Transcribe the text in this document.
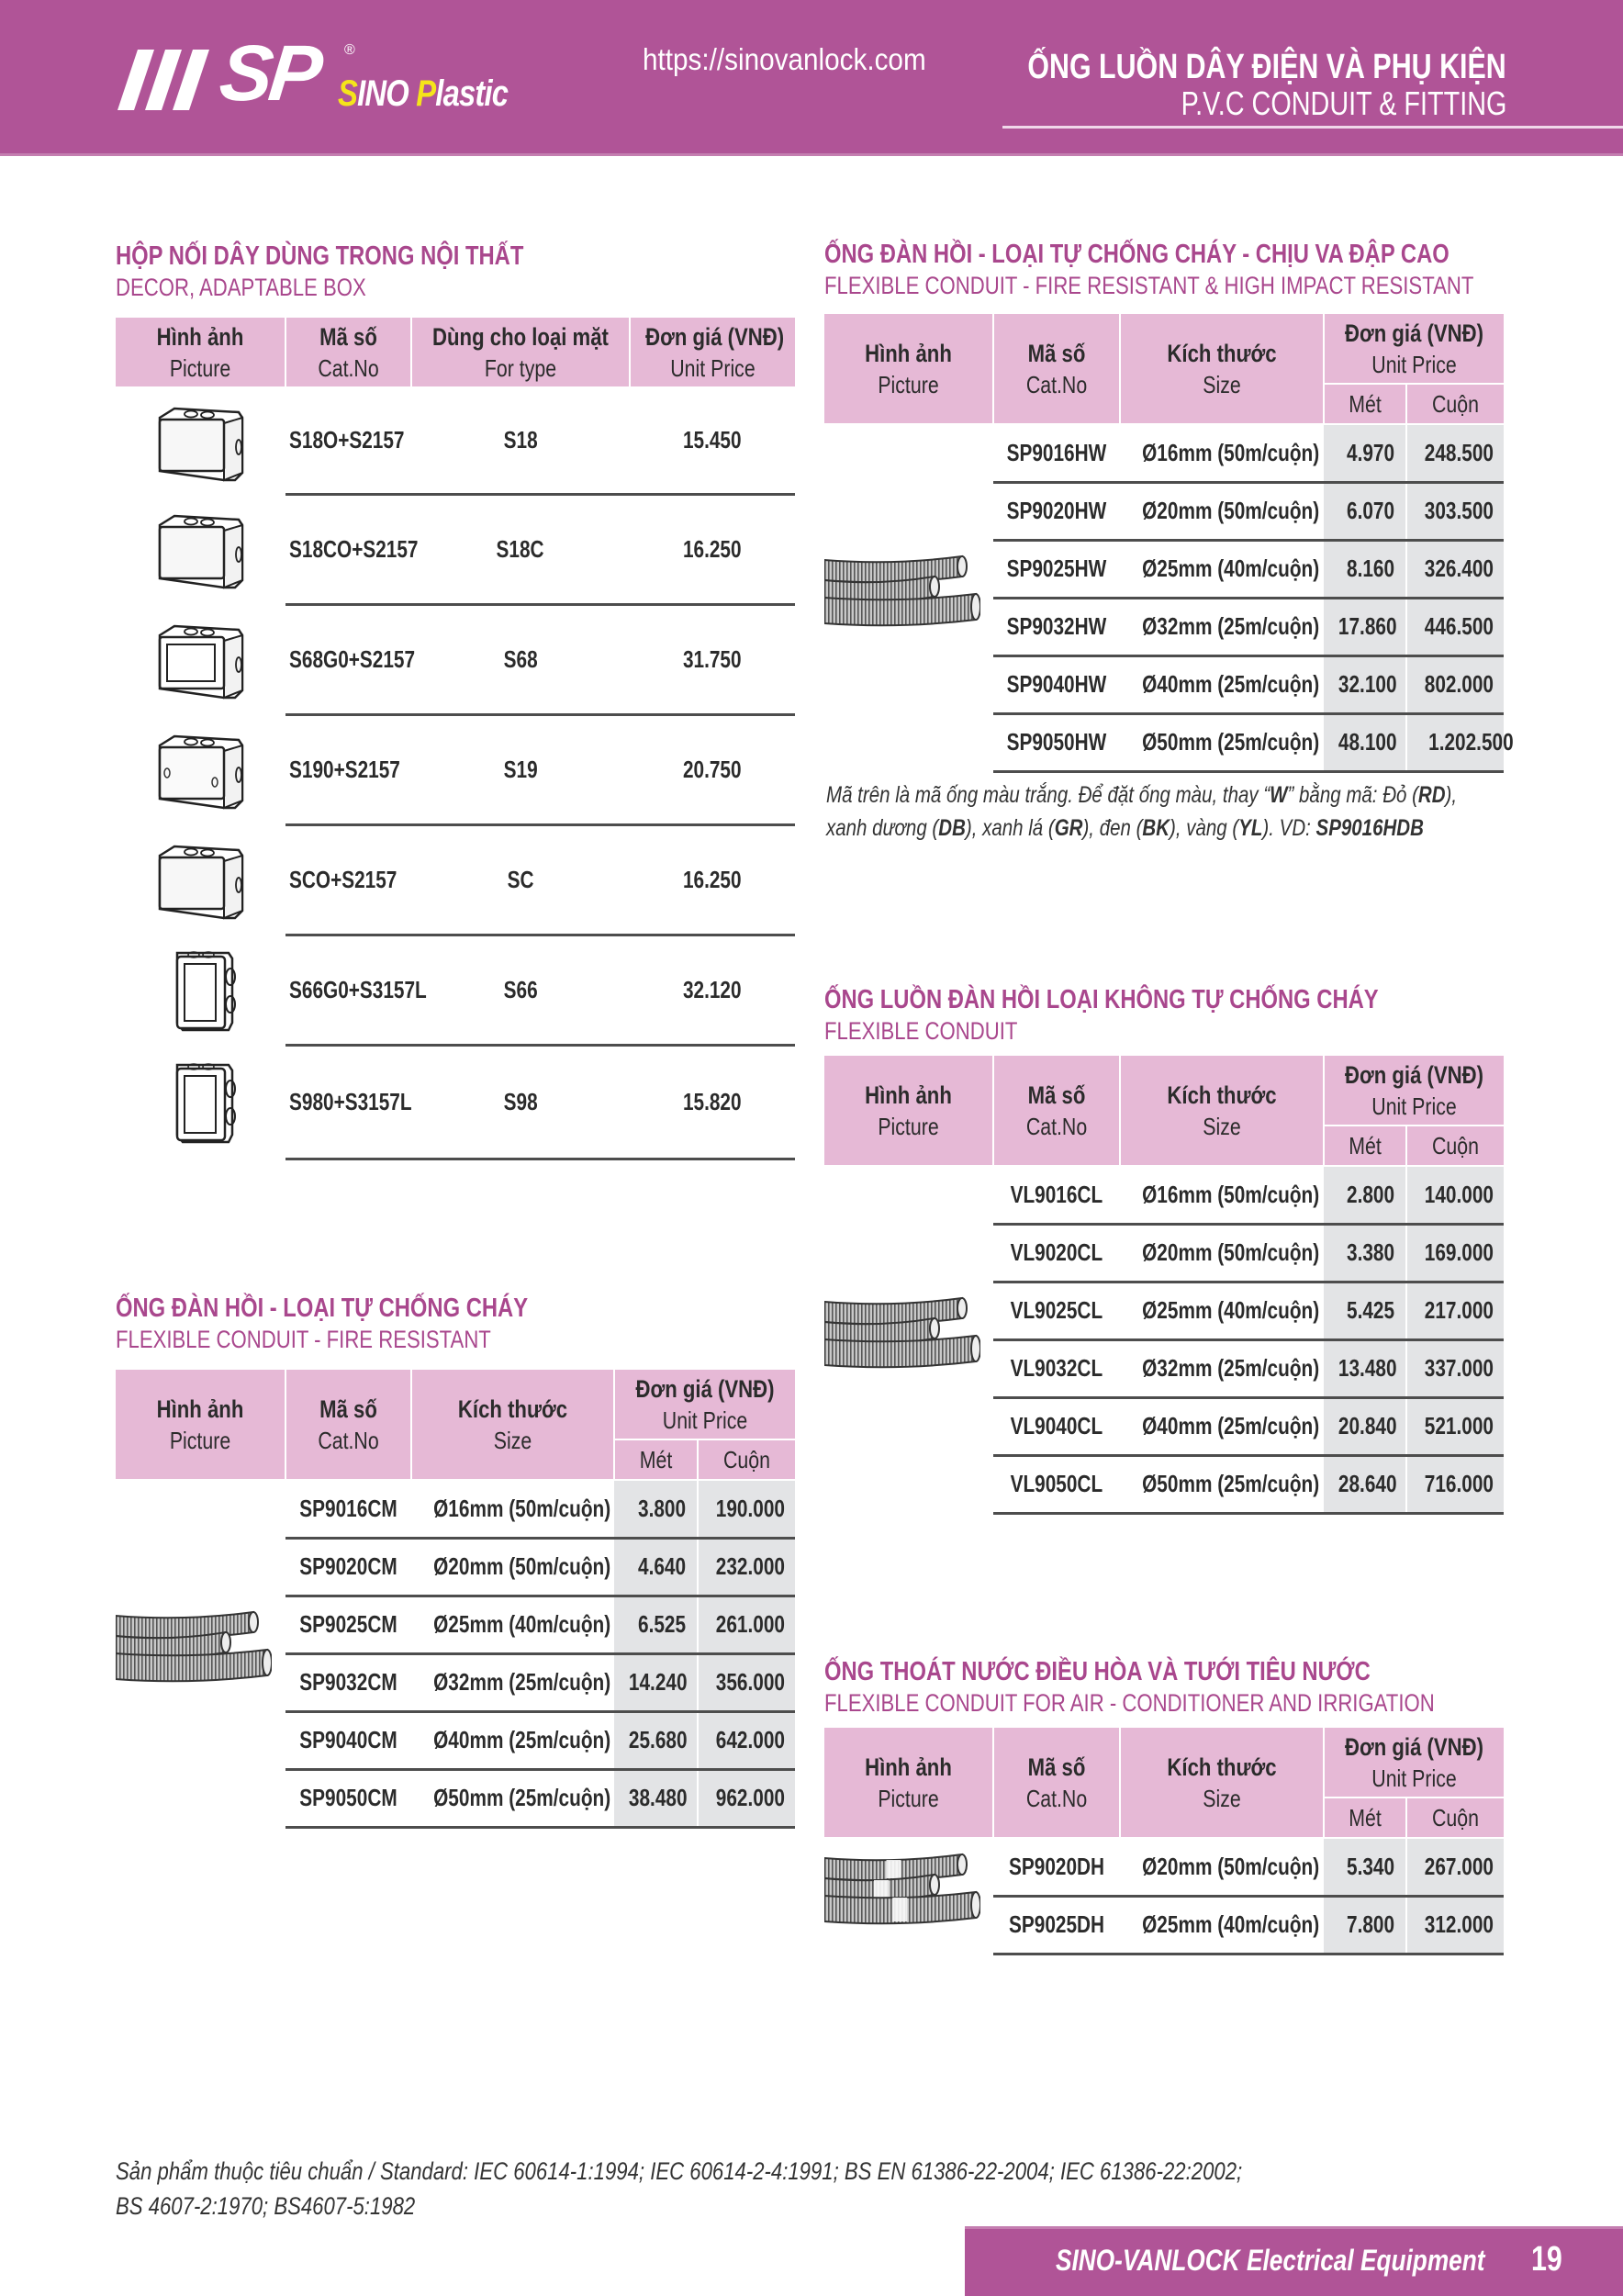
SP ®
SINO Plastic
https://sinovanlock.com	ỐNG LUỒN DÂY ĐIỆN VÀ PHỤ KIỆN
P.V.C CONDUIT & FITTING
HỘP NỐI DÂY DÙNG TRONG NỘI THẤT
DECOR, ADAPTABLE BOX
Hình ảnh
Picture	Mã số
Cat.No	Dùng cho loại mặt
For type	Đơn giá (VNĐ)
Unit Price

	S18O+S2157	S18	15.450

	S18CO+S2157	S18C	16.250

	S68G0+S2157	S68	31.750

	S190+S2157	S19	20.750

	SCO+S2157	SC	16.250

	S66G0+S3157L	S66	32.120

	S980+S3157L	S98	15.820
ỐNG ĐÀN HỒI - LOẠI TỰ CHỐNG CHÁY
FLEXIBLE CONDUIT - FIRE RESISTANT
Hình ảnh
Picture	Mã số
Cat.No	Kích thước
Size	Đơn giá (VNĐ)
Unit Price	

			Mét	Cuộn

	SP9016CM	Ø16mm (50m/cuộn)	3.800	190.000
	SP9020CM	Ø20mm (50m/cuộn)	4.640	232.000
	SP9025CM	Ø25mm (40m/cuộn)	6.525	261.000
	SP9032CM	Ø32mm (25m/cuộn)	14.240	356.000
	SP9040CM	Ø40mm (25m/cuộn)	25.680	642.000
	SP9050CM	Ø50mm (25m/cuộn)	38.480	962.000
ỐNG ĐÀN HỒI - LOẠI TỰ CHỐNG CHÁY - CHỊU VA ĐẬP CAO
FLEXIBLE CONDUIT - FIRE RESISTANT & HIGH IMPACT RESISTANT
Hình ảnh
Picture	Mã số
Cat.No	Kích thước
Size	Đơn giá (VNĐ)
Unit Price	

			Mét	Cuộn

	SP9016HW	Ø16mm (50m/cuộn)	4.970	248.500
	SP9020HW	Ø20mm (50m/cuộn)	6.070	303.500
	SP9025HW	Ø25mm (40m/cuộn)	8.160	326.400
	SP9032HW	Ø32mm (25m/cuộn)	17.860	446.500
	SP9040HW	Ø40mm (25m/cuộn)	32.100	802.000
	SP9050HW	Ø50mm (25m/cuộn)	48.100	1.202.500
Mã trên là mã ống màu trắng. Để đặt ống màu, thay “W” bằng mã: Đỏ (RD),
xanh dương (DB), xanh lá (GR), đen (BK), vàng (YL). VD: SP9016HDB
ỐNG LUỒN ĐÀN HỒI LOẠI KHÔNG TỰ CHỐNG CHÁY
FLEXIBLE CONDUIT
Hình ảnh
Picture	Mã số
Cat.No	Kích thước
Size	Đơn giá (VNĐ)
Unit Price	

			Mét	Cuộn

	VL9016CL	Ø16mm (50m/cuộn)	2.800	140.000
	VL9020CL	Ø20mm (50m/cuộn)	3.380	169.000
	VL9025CL	Ø25mm (40m/cuộn)	5.425	217.000
	VL9032CL	Ø32mm (25m/cuộn)	13.480	337.000
	VL9040CL	Ø40mm (25m/cuộn)	20.840	521.000
	VL9050CL	Ø50mm (25m/cuộn)	28.640	716.000
ỐNG THOÁT NƯỚC ĐIỀU HÒA VÀ TƯỚI TIÊU NƯỚC
FLEXIBLE CONDUIT FOR AIR - CONDITIONER AND IRRIGATION
Hình ảnh
Picture	Mã số
Cat.No	Kích thước
Size	Đơn giá (VNĐ)
Unit Price	

			Mét	Cuộn

	SP9020DH	Ø20mm (50m/cuộn)	5.340	267.000
	SP9025DH	Ø25mm (40m/cuộn)	7.800	312.000
Sản phẩm thuộc tiêu chuẩn / Standard: IEC 60614-1:1994; IEC 60614-2-4:1991; BS EN 61386-22-2004; IEC 61386-22:2002;
BS 4607-2:1970; BS4607-5:1982
SINO-VANLOCK Electrical Equipment 19
